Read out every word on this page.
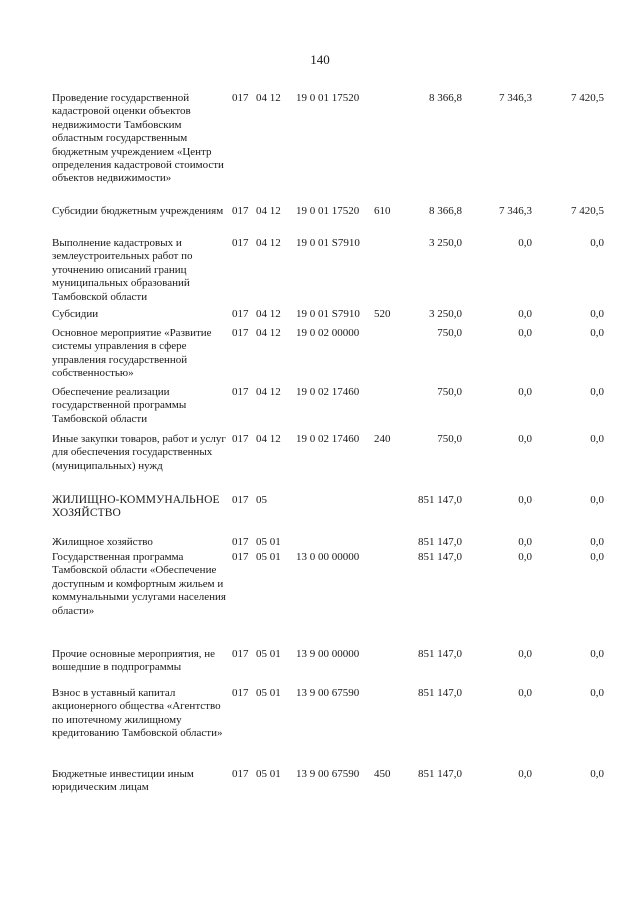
140
Проведение государственной кадастровой оценки объектов недвижимости Тамбовским областным государственным бюджетным учреждением «Центр определения кадастровой стоимости объектов недвижимости»
017 04 12 19 0 01 17520	8 366,8	7 346,3	7 420,5
Субсидии бюджетным учреждениям 017 04 12 19 0 01 17520 610	8 366,8	7 346,3	7 420,5
Выполнение кадастровых и землеустроительных работ по уточнению описаний границ муниципальных образований Тамбовской области
017 04 12 19 0 01 S7910	3 250,0	0,0	0,0
Субсидии	017 04 12 19 0 01 S7910 520	3 250,0	0,0	0,0
Основное мероприятие «Развитие системы управления в сфере управления государственной собственностью»
017 04 12 19 0 02 00000	750,0	0,0	0,0
Обеспечение реализации государственной программы Тамбовской области
017 04 12 19 0 02 17460	750,0	0,0	0,0
Иные закупки товаров, работ и услуг для обеспечения государственных (муниципальных) нужд
017 04 12 19 0 02 17460 240	750,0	0,0	0,0
ЖИЛИЩНО-КОММУНАЛЬНОЕ ХОЗЯЙСТВО
017 05	851 147,0	0,0	0,0
Жилищное хозяйство	017 05 01	851 147,0	0,0	0,0
Государственная программа Тамбовской области «Обеспечение доступным и комфортным жильем и коммунальными услугами населения области»
017 05 01 13 0 00 00000	851 147,0	0,0	0,0
Прочие основные мероприятия, не вошедшие в подпрограммы
017 05 01 13 9 00 00000	851 147,0	0,0	0,0
Взнос в уставный капитал акционерного общества «Агентство по ипотечному жилищному кредитованию Тамбовской области»
017 05 01 13 9 00 67590	851 147,0	0,0	0,0
Бюджетные инвестиции иным юридическим лицам
017 05 01 13 9 00 67590 450	851 147,0	0,0	0,0
